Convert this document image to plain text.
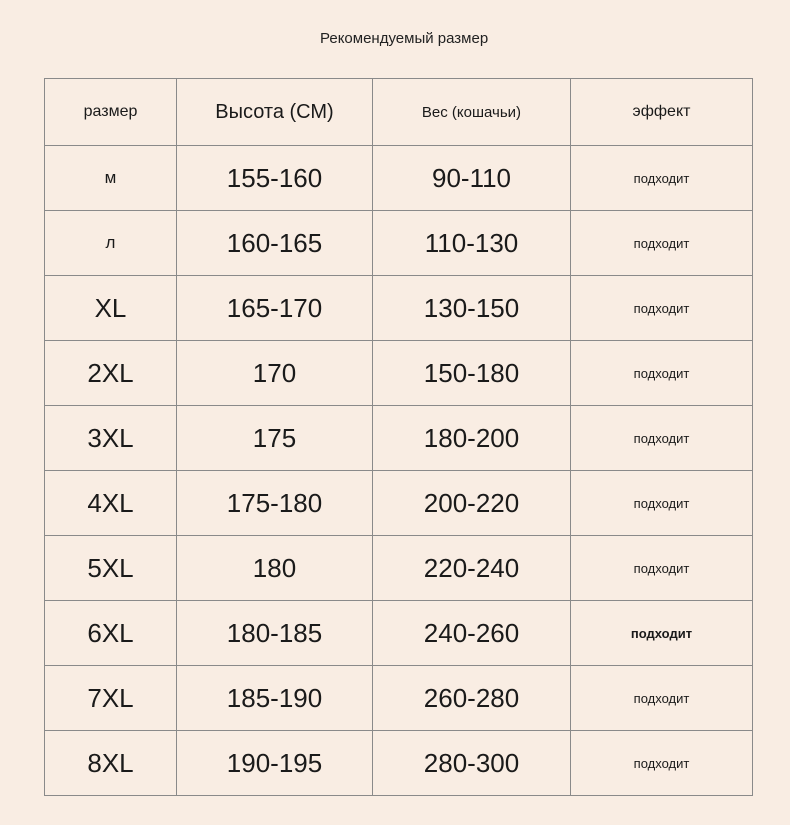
Рекомендуемый размер
размер	Высота (СМ)	Вес (кошачьи)	эффект
м	155-160	90-110	подходит
л	160-165	110-130	подходит
XL	165-170	130-150	подходит
2XL	170	150-180	подходит
3XL	175	180-200	подходит
4XL	175-180	200-220	подходит
5XL	180	220-240	подходит
6XL	180-185	240-260	подходит
7XL	185-190	260-280	подходит
8XL	190-195	280-300	подходит
